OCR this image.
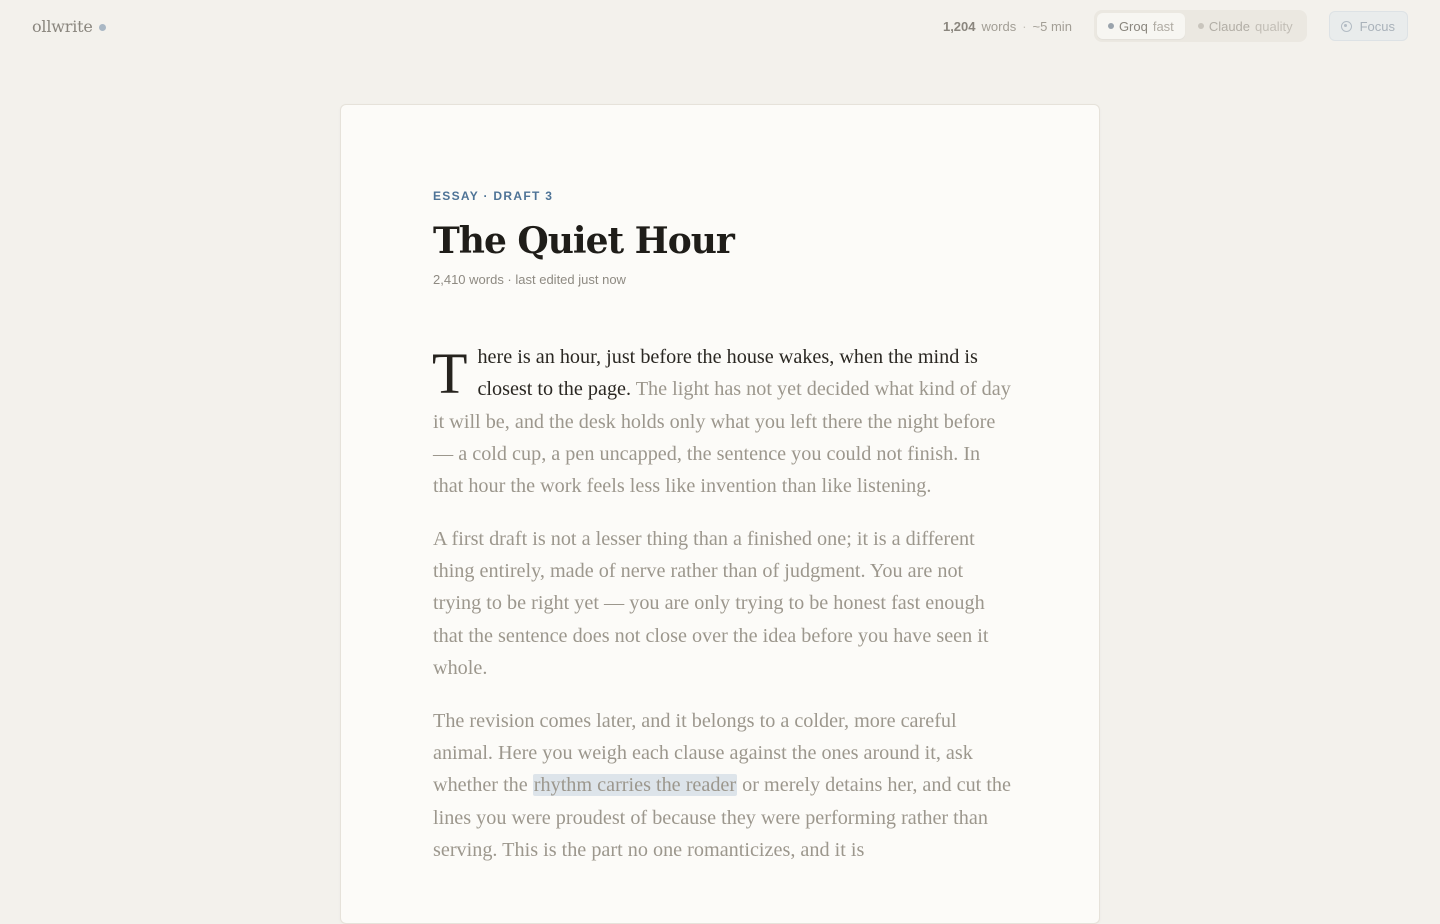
ollwrite	1,204 words · ~5 min	Groq fast	Claude quality	Focus
ESSAY · DRAFT 3
The Quiet Hour
2,410 words · last edited just now

There is an hour, just before the house wakes, when the mind is closest to the page. The light has not yet decided what kind of day it will be, and the desk holds only what you left there the night before — a cold cup, a pen uncapped, the sentence you could not finish. In that hour the work feels less like invention than like listening.

A first draft is not a lesser thing than a finished one; it is a different thing entirely, made of nerve rather than of judgment. You are not trying to be right yet — you are only trying to be honest fast enough that the sentence does not close over the idea before you have seen it whole.

The revision comes later, and it belongs to a colder, more careful animal. Here you weigh each clause against the ones around it, ask whether the rhythm carries the reader or merely detains her, and cut the lines you were proudest of because they were performing rather than serving. This is the part no one romanticizes, and it is
